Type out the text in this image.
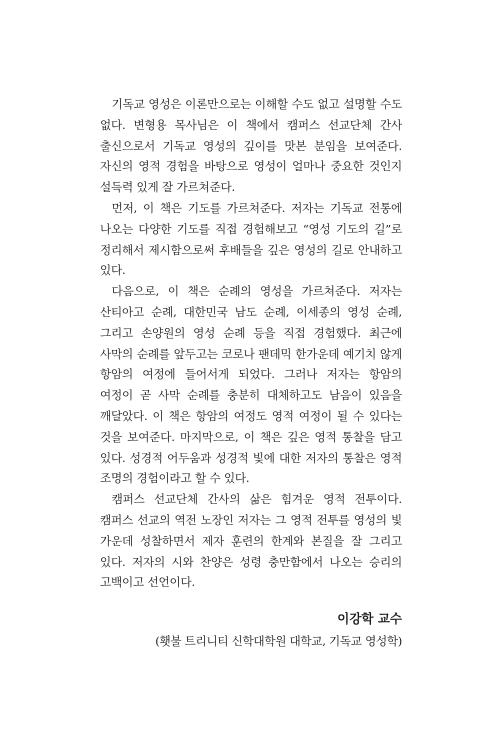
기독교 영성은 이론만으로는 이해할 수도 없고 설명할 수도 없다. 변형용 목사님은 이 책에서 캠퍼스 선교단체 간사 출신으로서 기독교 영성의 깊이를 맛본 분임을 보여준다. 자신의 영적 경험을 바탕으로 영성이 얼마나 중요한 것인지 설득력 있게 잘 가르쳐준다.

먼저, 이 책은 기도를 가르쳐준다. 저자는 기독교 전통에 나오는 다양한 기도를 직접 경험해보고 “영성 기도의 길”로 정리해서 제시함으로써 후배들을 깊은 영성의 길로 안내하고 있다.

다음으로, 이 책은 순례의 영성을 가르쳐준다. 저자는 산티아고 순례, 대한민국 남도 순례, 이세종의 영성 순례, 그리고 손양원의 영성 순례 등을 직접 경험했다. 최근에 사막의 순례를 앞두고는 코로나 팬데믹 한가운데 예기치 않게 항암의 여정에 들어서게 되었다. 그러나 저자는 항암의 여정이 곧 사막 순례를 충분히 대체하고도 남음이 있음을 깨달았다. 이 책은 항암의 여정도 영적 여정이 될 수 있다는 것을 보여준다. 마지막으로, 이 책은 깊은 영적 통찰을 담고 있다. 성경적 어두움과 성경적 빛에 대한 저자의 통찰은 영적 조명의 경험이라고 할 수 있다.

캠퍼스 선교단체 간사의 삶은 힘겨운 영적 전투이다. 캠퍼스 선교의 역전 노장인 저자는 그 영적 전투를 영성의 빛 가운데 성찰하면서 제자 훈련의 한계와 본질을 잘 그리고 있다. 저자의 시와 찬양은 성령 충만함에서 나오는 승리의 고백이고 선언이다.

이강학 교수
(횃불 트리니티 신학대학원 대학교, 기독교 영성학)
